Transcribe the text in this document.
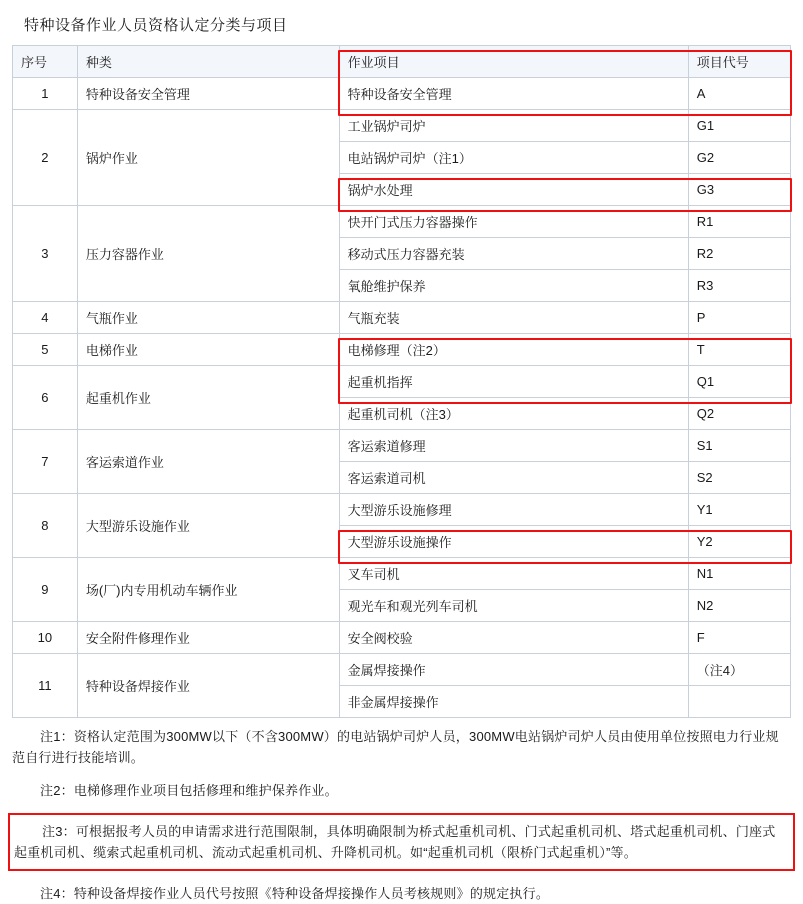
特种设备作业人员资格认定分类与项目
序号	种类	作业项目	项目代号
1	特种设备安全管理	特种设备安全管理	A
2	锅炉作业	工业锅炉司炉	G1
		电站锅炉司炉（注1）	G2
		锅炉水处理	G3
3	压力容器作业	快开门式压力容器操作	R1
		移动式压力容器充装	R2
		氧舱维护保养	R3
4	气瓶作业	气瓶充装	P
5	电梯作业	电梯修理（注2）	T
6	起重机作业	起重机指挥	Q1
		起重机司机（注3）	Q2
7	客运索道作业	客运索道修理	S1
		客运索道司机	S2
8	大型游乐设施作业	大型游乐设施修理	Y1
		大型游乐设施操作	Y2
9	场(厂)内专用机动车辆作业	叉车司机	N1
		观光车和观光列车司机	N2
10	安全附件修理作业	安全阀校验	F
11	特种设备焊接作业	金属焊接操作	（注4）
		非金属焊接操作	

注1：资格认定范围为300MW以下（不含300MW）的电站锅炉司炉人员，300MW电站锅炉司炉人员由使用单位按照电力行业规范自行进行技能培训。

注2：电梯修理作业项目包括修理和维护保养作业。

注3：可根据报考人员的申请需求进行范围限制，具体明确限制为桥式起重机司机、门式起重机司机、塔式起重机司机、门座式起重机司机、缆索式起重机司机、流动式起重机司机、升降机司机。如“起重机司机（限桥门式起重机）”等。

注4：特种设备焊接作业人员代号按照《特种设备焊接操作人员考核规则》的规定执行。
